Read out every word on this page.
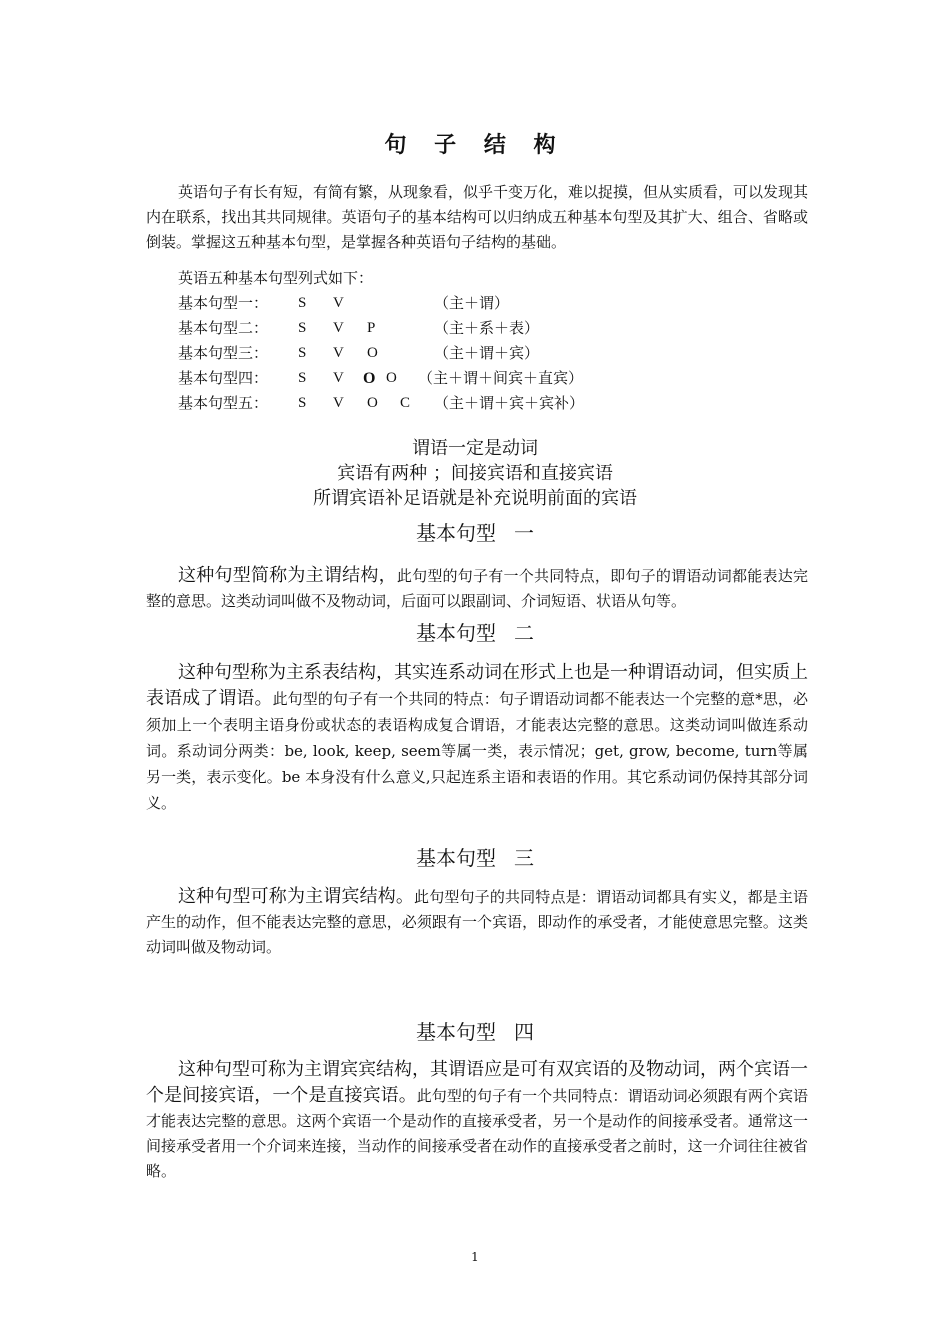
句 子 结 构

英语句子有长有短，有简有繁，从现象看，似乎千变万化，难以捉摸，但从实质看，可以发现其内在联系，找出其共同规律。英语句子的基本结构可以归纳成五种基本句型及其扩大、组合、省略或倒装。掌握这五种基本句型，是掌握各种英语句子结构的基础。

英语五种基本句型列式如下：
基本句型一： S V	（主＋谓）
基本句型二： S V P	（主＋系＋表）
基本句型三： S V O	（主＋谓＋宾）
基本句型四： S V O O （主＋谓＋间宾＋直宾）
基本句型五： S V O C （主＋谓＋宾＋宾补）
谓语一定是动词
宾语有两种 ；间接宾语和直接宾语
所谓宾语补足语就是补充说明前面的宾语
基本句型 一

这种句型简称为主谓结构，此句型的句子有一个共同特点，即句子的谓语动词都能表达完整的意思。这类动词叫做不及物动词，后面可以跟副词、介词短语、状语从句等。

基本句型 二

这种句型称为主系表结构，其实连系动词在形式上也是一种谓语动词，但实质上表语成了谓语。此句型的句子有一个共同的特点：句子谓语动词都不能表达一个完整的意*思，必须加上一个表明主语身份或状态的表语构成复合谓语，才能表达完整的意思。这类动词叫做连系动词。系动词分两类：be, look, keep, seem等属一类，表示情况；get, grow, become, turn等属另一类，表示变化。be 本身没有什么意义,只起连系主语和表语的作用。其它系动词仍保持其部分词义。

基本句型 三

这种句型可称为主谓宾结构。此句型句子的共同特点是：谓语动词都具有实义，都是主语产生的动作，但不能表达完整的意思，必须跟有一个宾语，即动作的承受者，才能使意思完整。这类动词叫做及物动词。

基本句型 四

这种句型可称为主谓宾宾结构，其谓语应是可有双宾语的及物动词，两个宾语一个是间接宾语，一个是直接宾语。此句型的句子有一个共同特点：谓语动词必须跟有两个宾语才能表达完整的意思。这两个宾语一个是动作的直接承受者，另一个是动作的间接承受者。通常这一间接承受者用一个介词来连接，当动作的间接承受者在动作的直接承受者之前时，这一介词往往被省略。

1
